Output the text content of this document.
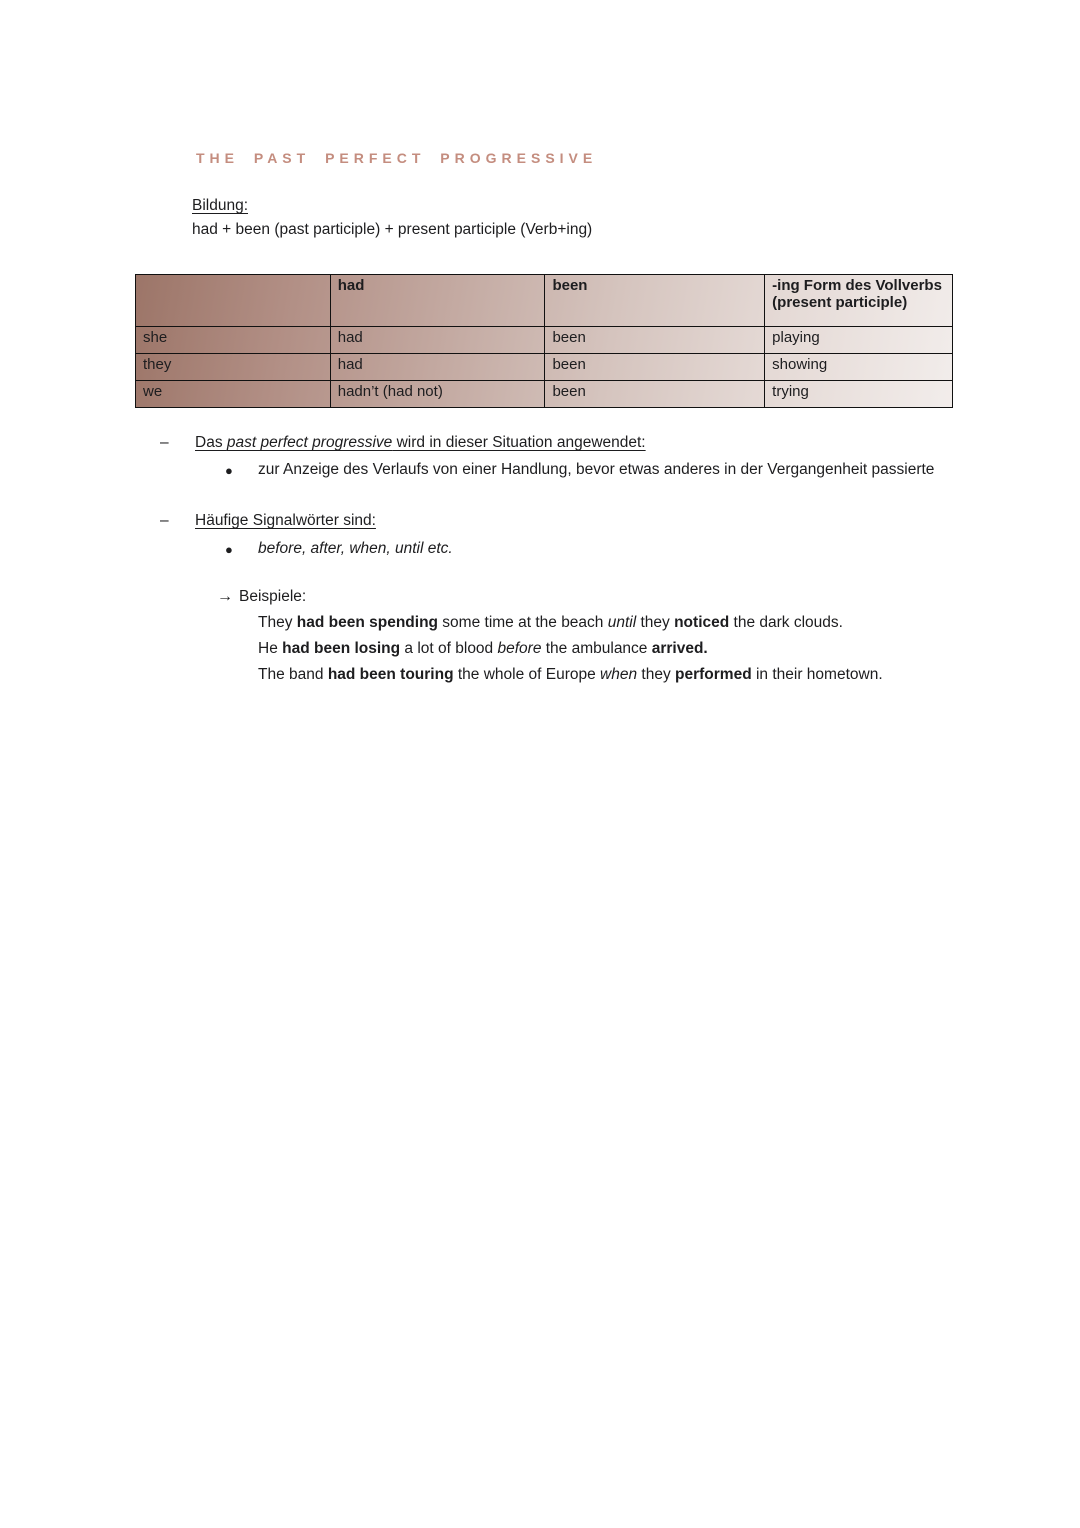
THE PAST PERFECT PROGRESSIVE
Bildung:
had + been (past participle) + present participle (Verb+ing)
	had	been	-ing Form des Vollverbs
(present participle)
she	had	been	playing
they	had	been	showing
we	hadn’t (had not)	been	trying
–	Das past perfect progressive wird in dieser Situation angewendet:
●	zur Anzeige des Verlaufs von einer Handlung, bevor etwas anderes in der Vergangenheit passierte
–	Häufige Signalwörter sind:
●	before, after, when, until etc.
→ Beispiele:
They had been spending some time at the beach until they noticed the dark clouds.
He had been losing a lot of blood before the ambulance arrived.
The band had been touring the whole of Europe when they performed in their hometown.
